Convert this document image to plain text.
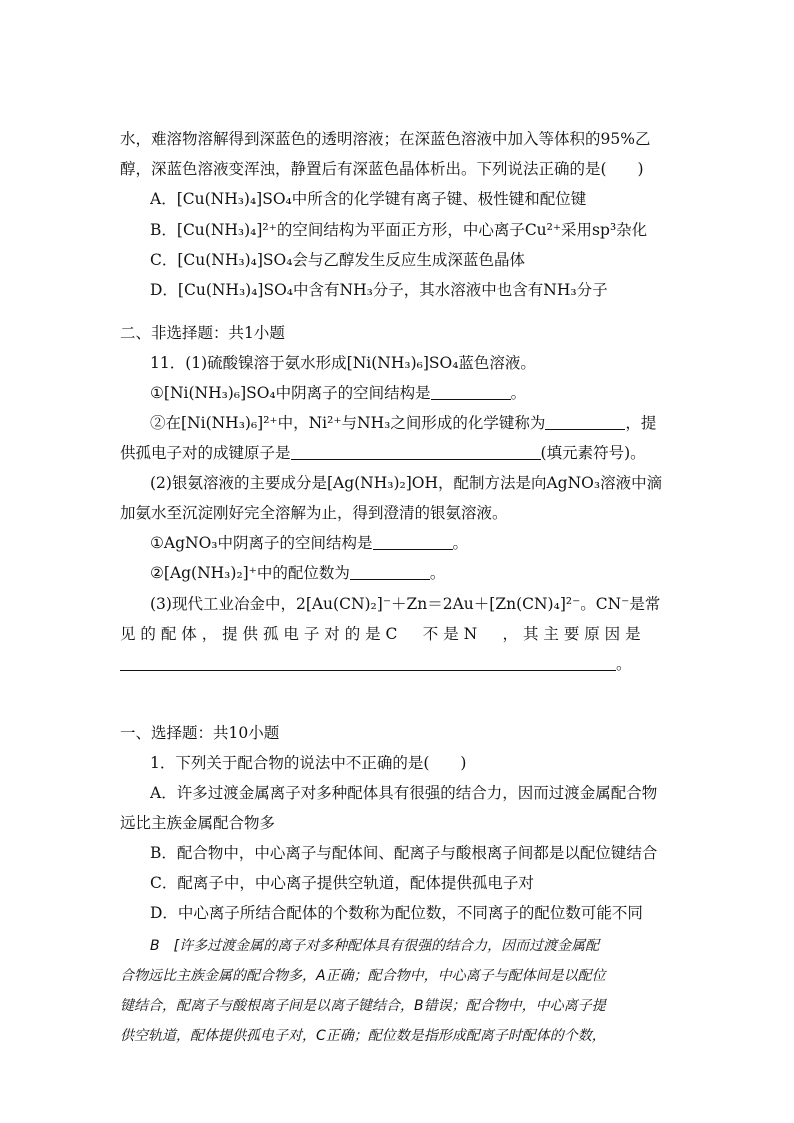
水，难溶物溶解得到深蓝色的透明溶液；在深蓝色溶液中加入等体积的95%乙
醇，深蓝色溶液变浑浊，静置后有深蓝色晶体析出。下列说法正确的是(　　)
A．[Cu(NH₃)₄]SO₄中所含的化学键有离子键、极性键和配位键
B．[Cu(NH₃)₄]²⁺的空间结构为平面正方形，中心离子Cu²⁺采用sp³杂化
C．[Cu(NH₃)₄]SO₄会与乙醇发生反应生成深蓝色晶体
D．[Cu(NH₃)₄]SO₄中含有NH₃分子，其水溶液中也含有NH₃分子
二、非选择题：共1小题
11．(1)硫酸镍溶于氨水形成[Ni(NH₃)₆]SO₄蓝色溶液。
①[Ni(NH₃)₆]SO₄中阴离子的空间结构是	。
②在[Ni(NH₃)₆]²⁺中，Ni²⁺与NH₃之间形成的化学键称为	，提
供孤电子对的成键原子是	(填元素符号)。
(2)银氨溶液的主要成分是[Ag(NH₃)₂]OH，配制方法是向AgNO₃溶液中滴
加氨水至沉淀刚好完全溶解为止，得到澄清的银氨溶液。
①AgNO₃中阴离子的空间结构是	。
②[Ag(NH₃)₂]⁺中的配位数为	。
(3)现代工业冶金中，2[Au(CN)₂]⁻＋Zn＝2Au＋[Zn(CN)₄]²⁻。CN⁻是常
见 的 配 体 ， 提 供 孤 电 子 对 的 是 C 　 不 是 N 　 ， 其 主 要 原 因 是
。
一、选择题：共10小题
1．下列关于配合物的说法中不正确的是(　　)
A．许多过渡金属离子对多种配体具有很强的结合力，因而过渡金属配合物
远比主族金属配合物多
B．配合物中，中心离子与配体间、配离子与酸根离子间都是以配位键结合
C．配离子中，中心离子提供空轨道，配体提供孤电子对
D．中心离子所结合配体的个数称为配位数，不同离子的配位数可能不同
B　[许多过渡金属的离子对多种配体具有很强的结合力，因而过渡金属配
合物远比主族金属的配合物多，A正确；配合物中，中心离子与配体间是以配位
键结合，配离子与酸根离子间是以离子键结合，B错误；配合物中，中心离子提
供空轨道，配体提供孤电子对，C正确；配位数是指形成配离子时配体的个数，
